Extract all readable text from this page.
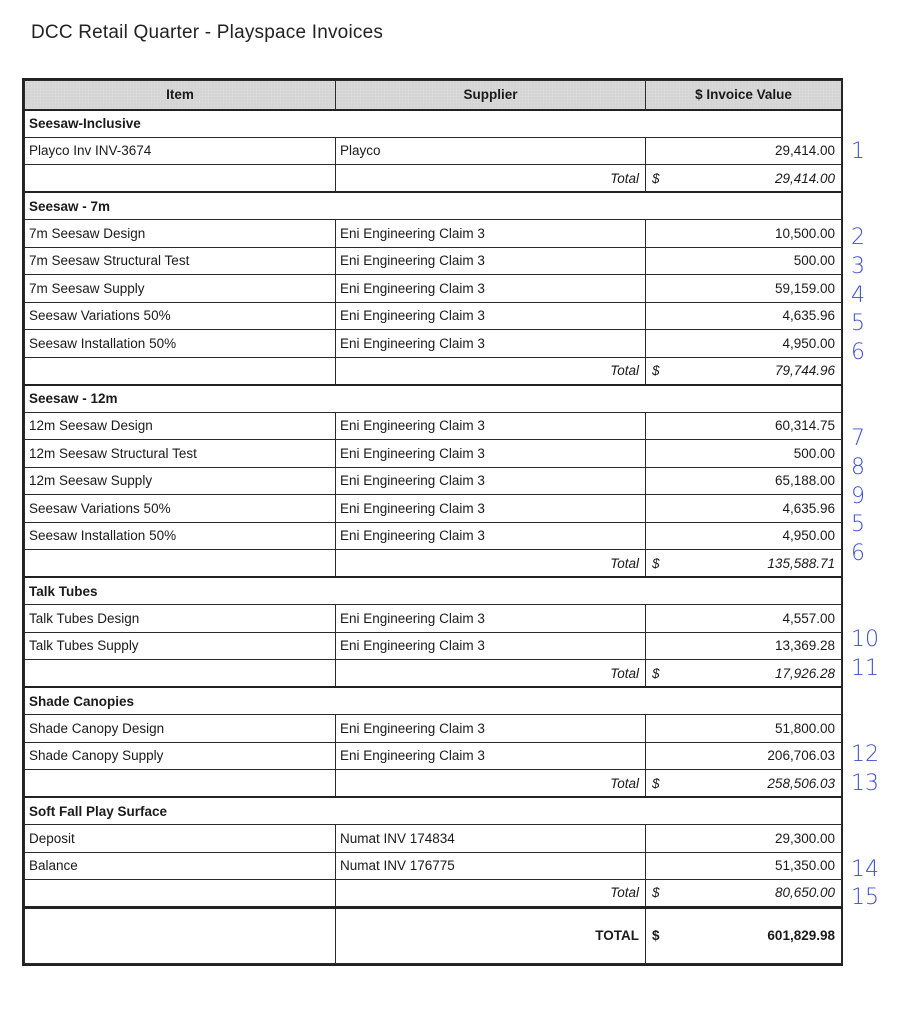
DCC Retail Quarter - Playspace Invoices
Item	Supplier	$ Invoice Value
Seesaw-Inclusive		
Playco Inv INV-3674	Playco	29,414.00
	Total	$ 29,414.00

Seesaw - 7m		
7m Seesaw Design	Eni Engineering Claim 3	10,500.00
7m Seesaw Structural Test	Eni Engineering Claim 3	500.00
7m Seesaw Supply	Eni Engineering Claim 3	59,159.00
Seesaw Variations 50%	Eni Engineering Claim 3	4,635.96
Seesaw Installation 50%	Eni Engineering Claim 3	4,950.00
	Total	$ 79,744.96

Seesaw - 12m		
12m Seesaw Design	Eni Engineering Claim 3	60,314.75
12m Seesaw Structural Test	Eni Engineering Claim 3	500.00
12m Seesaw Supply	Eni Engineering Claim 3	65,188.00
Seesaw Variations 50%	Eni Engineering Claim 3	4,635.96
Seesaw Installation 50%	Eni Engineering Claim 3	4,950.00
	Total	$ 135,588.71

Talk Tubes		
Talk Tubes Design	Eni Engineering Claim 3	4,557.00
Talk Tubes Supply	Eni Engineering Claim 3	13,369.28
	Total	$ 17,926.28

Shade Canopies		
Shade Canopy Design	Eni Engineering Claim 3	51,800.00
Shade Canopy Supply	Eni Engineering Claim 3	206,706.03
	Total	$ 258,506.03

Soft Fall Play Surface		
Deposit	Numat INV 174834	29,300.00
Balance	Numat INV 176775	51,350.00
	Total	$ 80,650.00

	TOTAL	$ 601,829.98
1
2
3
4
5
6
7
8
9
5
6
10
11
12
13
14
15
